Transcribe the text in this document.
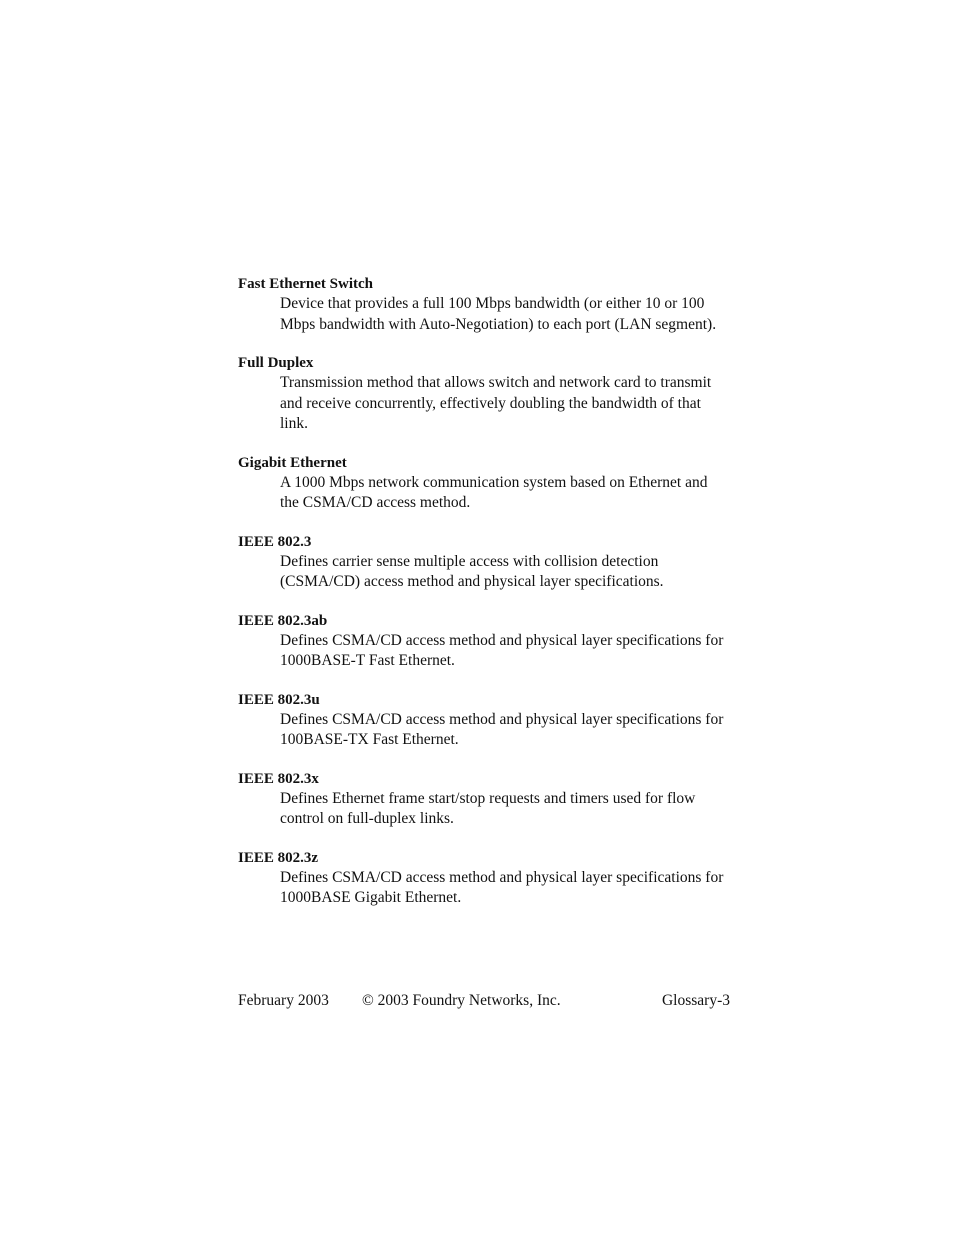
Fast Ethernet Switch
Device that provides a full 100 Mbps bandwidth (or either 10 or 100 Mbps bandwidth with Auto-Negotiation) to each port (LAN segment).
Full Duplex
Transmission method that allows switch and network card to transmit and receive concurrently, effectively doubling the bandwidth of that link.
Gigabit Ethernet
A 1000 Mbps network communication system based on Ethernet and the CSMA/CD access method.
IEEE 802.3
Defines carrier sense multiple access with collision detection (CSMA/CD) access method and physical layer specifications.
IEEE 802.3ab
Defines CSMA/CD access method and physical layer specifications for 1000BASE-T Fast Ethernet.
IEEE 802.3u
Defines CSMA/CD access method and physical layer specifications for 100BASE-TX Fast Ethernet.
IEEE 802.3x
Defines Ethernet frame start/stop requests and timers used for flow control on full-duplex links.
IEEE 802.3z
Defines CSMA/CD access method and physical layer specifications for 1000BASE Gigabit Ethernet.
February 2003 © 2003 Foundry Networks, Inc.	Glossary-3
